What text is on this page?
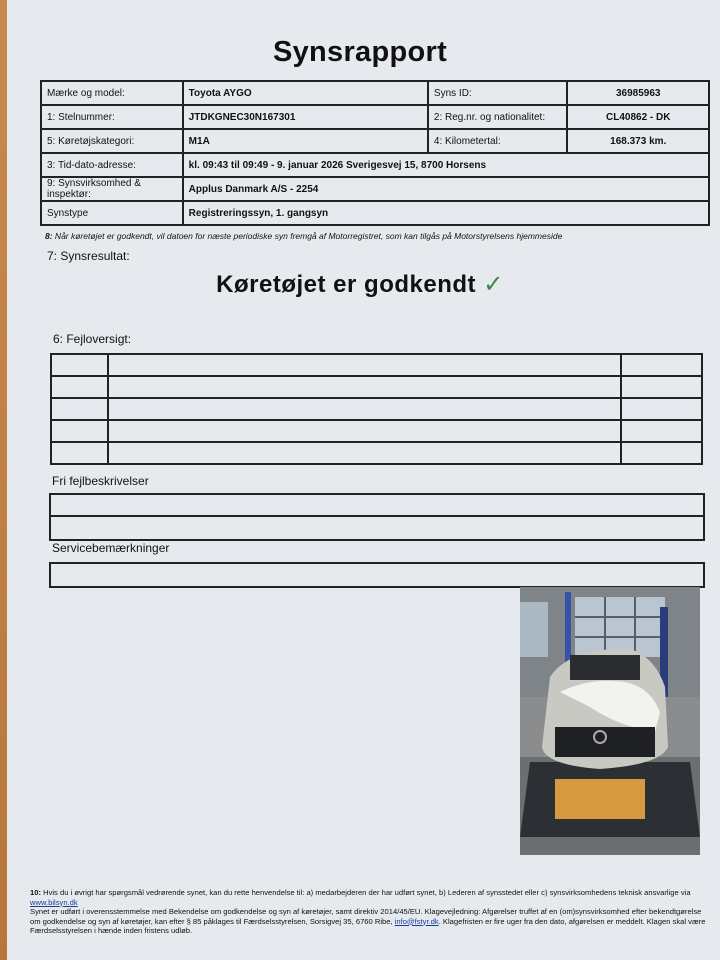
Synsrapport
Mærke og model:	Toyota AYGO	Syns ID:	36985963
1: Stelnummer:	JTDKGNEC30N167301	2: Reg.nr. og nationalitet:	CL40862 - DK
5: Køretøjskategori:	M1A	4: Kilometertal:	168.373 km.
3: Tid-dato-adresse:	kl. 09:43 til 09:49 - 9. januar 2026 Sverigesvej 15, 8700 Horsens		
9: Synsvirksomhed & inspektør:	Applus Danmark A/S - 2254		
Synstype	Registreringssyn, 1. gangsyn		
8: Når køretøjet er godkendt, vil datoen for næste periodiske syn fremgå af Motorregistret, som kan tilgås på Motorstyrelsens hjemmeside
7: Synsresultat:
Køretøjet er godkendt ✓
6: Fejloversigt:

Fri fejlbeskrivelser
Servicebemærkninger
10: Hvis du i øvrigt har spørgsmål vedrørende synet, kan du rette henvendelse til: a) medarbejderen der har udført synet, b) Lederen af synsstedet eller c) synsvirksomhedens teknisk ansvarlige via www.bilsyn.dk
Synet er udført i overensstemmelse med Bekendelse om godkendelse og syn af køretøjer, samt direktiv 2014/45/EU. Klagevejledning: Afgørelser truffet af en (om)synsvirksomhed efter bekendtgørelse om godkendelse og syn af køretøjer, kan efter § 85 påklages til Færdselsstyrelsen, Sorsigvej 35, 6760 Ribe, info@fstyr.dk. Klagefristen er fire uger fra den dato, afgørelsen er meddelt. Klagen skal være Færdselsstyrelsen i hænde inden fristens udløb.
